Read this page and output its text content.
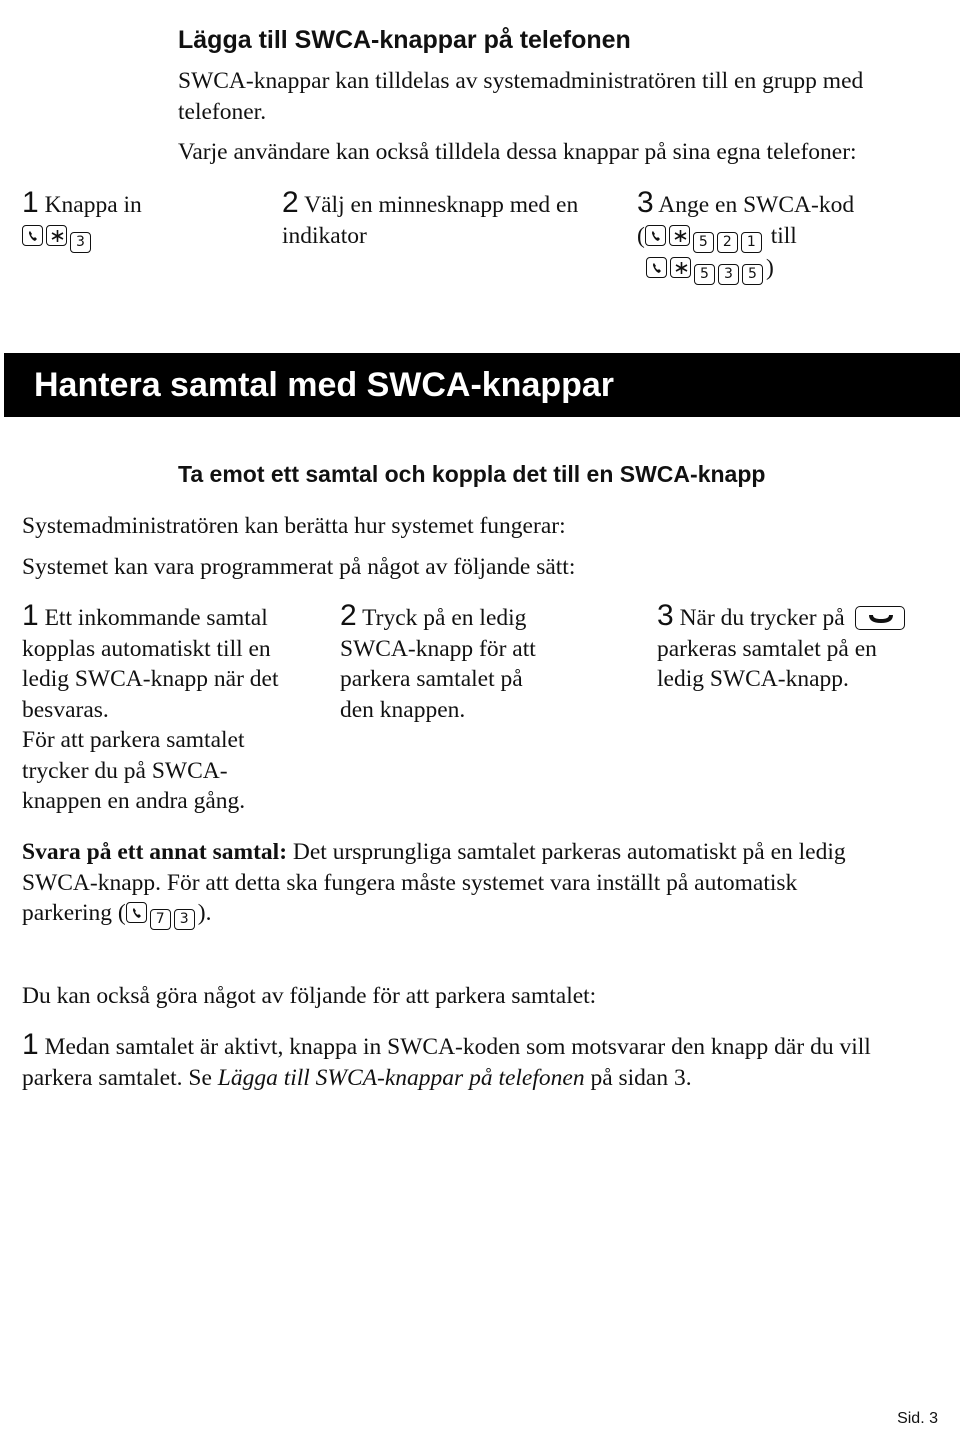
Lägga till SWCA-knappar på telefonen
SWCA-knappar kan tilldelas av systemadministratören till en grupp med telefoner.
Varje användare kan också tilldela dessa knappar på sina egna telefoner:
1 Knappa in

3
2 Välj en minnesknapp med en indikator
3 Ange en SWCA-kod
(	5 2 1 till

5 3 5 )
Hantera samtal med SWCA-knappar
Ta emot ett samtal och koppla det till en SWCA-knapp
Systemadministratören kan berätta hur systemet fungerar:
Systemet kan vara programmerat på något av följande sätt:
1 Ett inkommande samtal
kopplas automatiskt till en
ledig SWCA-knapp när det
besvaras.
För att parkera samtalet
trycker du på SWCA-
knappen en andra gång.
2 Tryck på en ledig
SWCA-knapp för att
parkera samtalet på
den knappen.
3 När du trycker på

parkeras samtalet på en
ledig SWCA-knapp.
Svara på ett annat samtal: Det ursprungliga samtalet parkeras automatiskt på en ledig
SWCA-knapp. För att detta ska fungera måste systemet vara inställt på automatisk
parkering ( 7 3 ).
Du kan också göra något av följande för att parkera samtalet:
1 Medan samtalet är aktivt, knappa in SWCA-koden som motsvarar den knapp där du vill
parkera samtalet. Se Lägga till SWCA-knappar på telefonen på sidan 3.
Sid. 3
